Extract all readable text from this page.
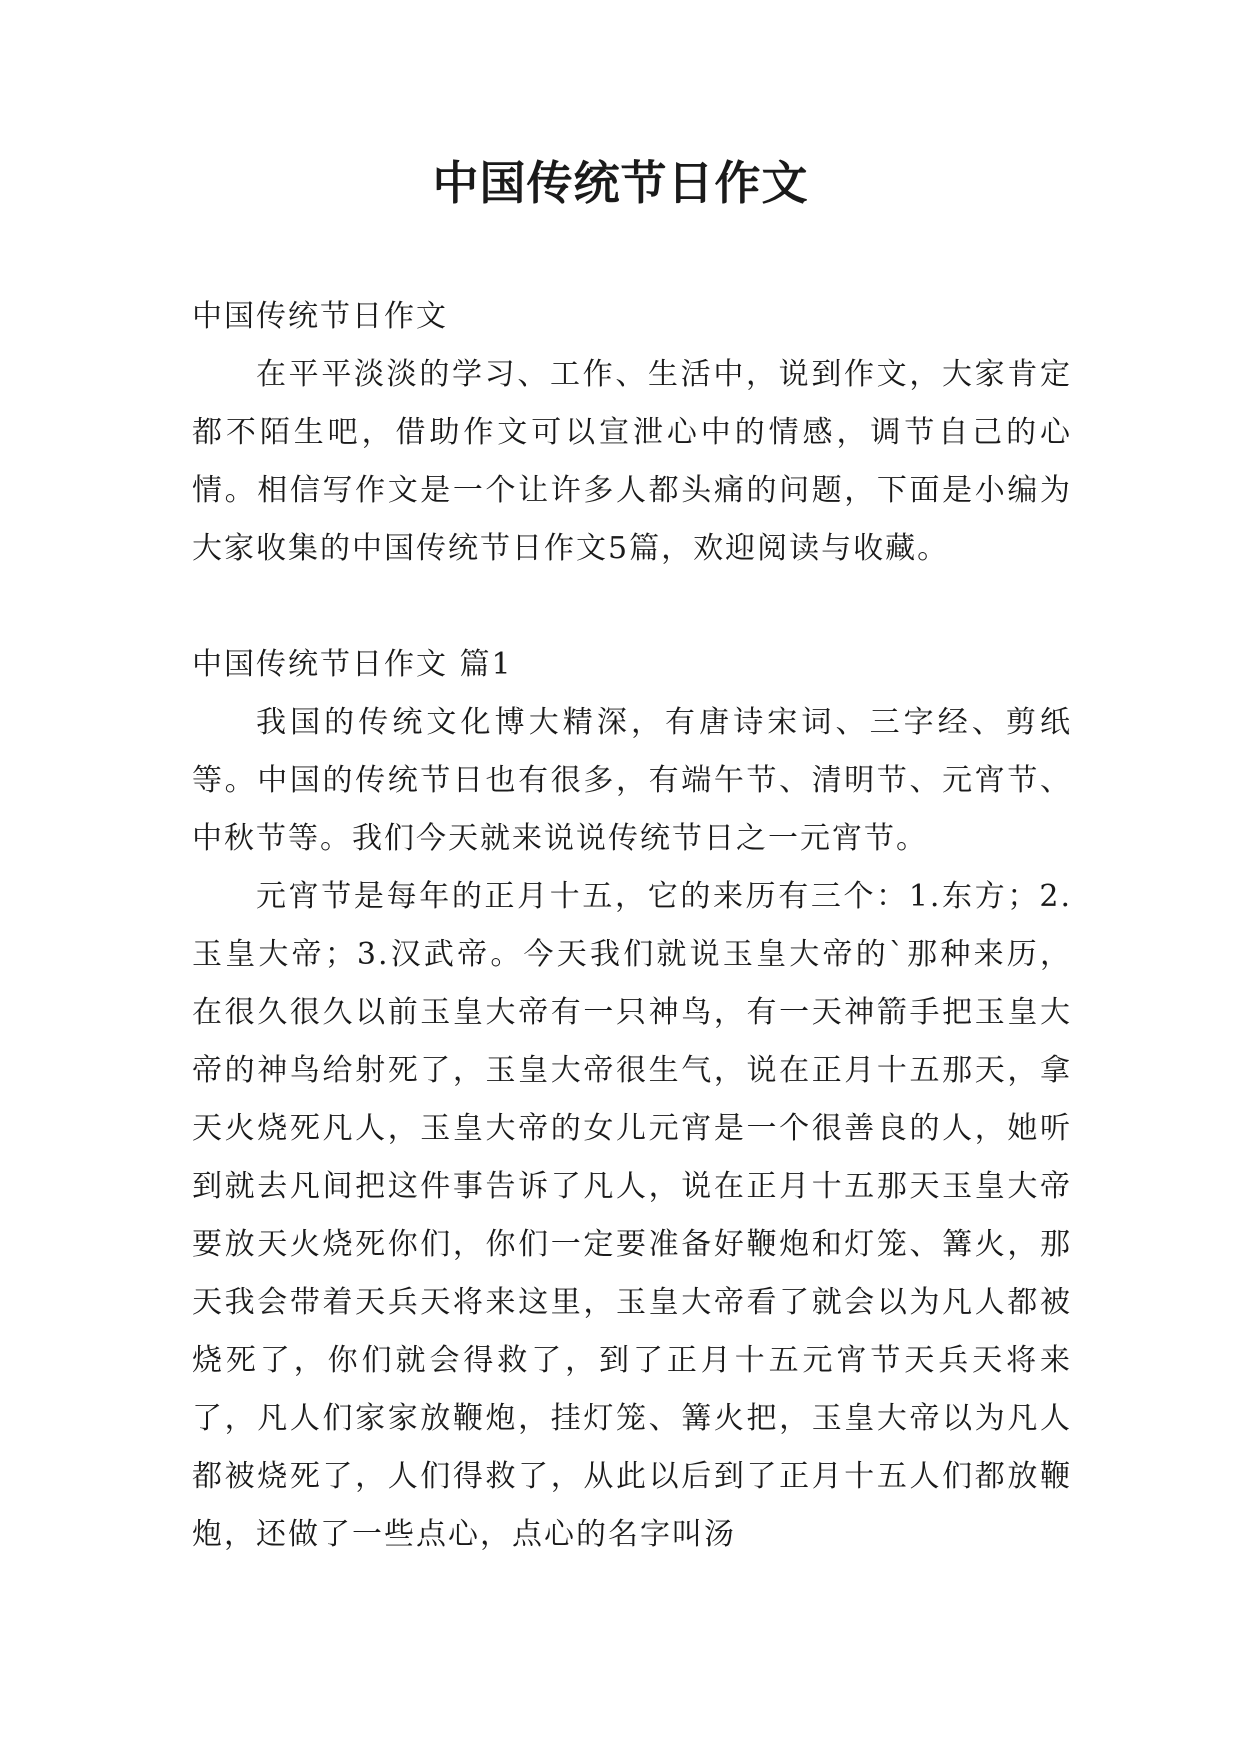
中国传统节日作文
中国传统节日作文

在平平淡淡的学习、工作、生活中，说到作文，大家肯定都不陌生吧，借助作文可以宣泄心中的情感，调节自己的心情。相信写作文是一个让许多人都头痛的问题，下面是小编为大家收集的中国传统节日作文5篇，欢迎阅读与收藏。

中国传统节日作文 篇1

我国的传统文化博大精深，有唐诗宋词、三字经、剪纸等。中国的传统节日也有很多，有端午节、清明节、元宵节、中秋节等。我们今天就来说说传统节日之一元宵节。

元宵节是每年的正月十五，它的来历有三个：1.东方；2.玉皇大帝；3.汉武帝。今天我们就说玉皇大帝的`那种来历，在很久很久以前玉皇大帝有一只神鸟，有一天神箭手把玉皇大帝的神鸟给射死了，玉皇大帝很生气，说在正月十五那天，拿天火烧死凡人，玉皇大帝的女儿元宵是一个很善良的人，她听到就去凡间把这件事告诉了凡人，说在正月十五那天玉皇大帝要放天火烧死你们，你们一定要准备好鞭炮和灯笼、篝火，那天我会带着天兵天将来这里，玉皇大帝看了就会以为凡人都被烧死了，你们就会得救了，到了正月十五元宵节天兵天将来了，凡人们家家放鞭炮，挂灯笼、篝火把，玉皇大帝以为凡人都被烧死了，人们得救了，从此以后到了正月十五人们都放鞭炮，还做了一些点心，点心的名字叫汤
